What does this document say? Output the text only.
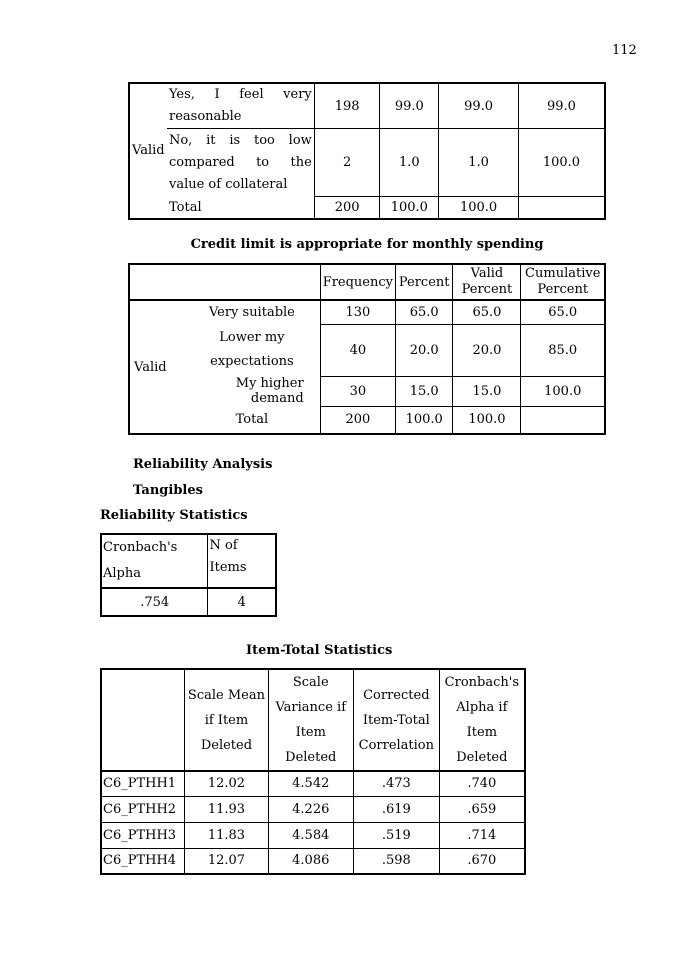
112
Valid	Yes, I feel very reasonable	198	99.0	99.0	99.0
	No, it is too low compared to the value of collateral	2	1.0	1.0	100.0
	Total	200	100.0	100.0	
Credit limit is appropriate for monthly spending
		Frequency	Percent	Valid Percent	Cumulative Percent
Valid	Very suitable	130	65.0	65.0	65.0
	Lower my expectations	40	20.0	20.0	85.0
	My higher demand	30	15.0	15.0	100.0
	Total	200	100.0	100.0	
Reliability Analysis
Tangibles
Reliability Statistics
Cronbach's Alpha	N of Items
.754	4
Item-Total Statistics
	Scale Mean if Item Deleted	Scale Variance if Item Deleted	Corrected Item-Total Correlation	Cronbach's Alpha if Item Deleted
C6_PTHH1	12.02	4.542	.473	.740
C6_PTHH2	11.93	4.226	.619	.659
C6_PTHH3	11.83	4.584	.519	.714
C6_PTHH4	12.07	4.086	.598	.670
